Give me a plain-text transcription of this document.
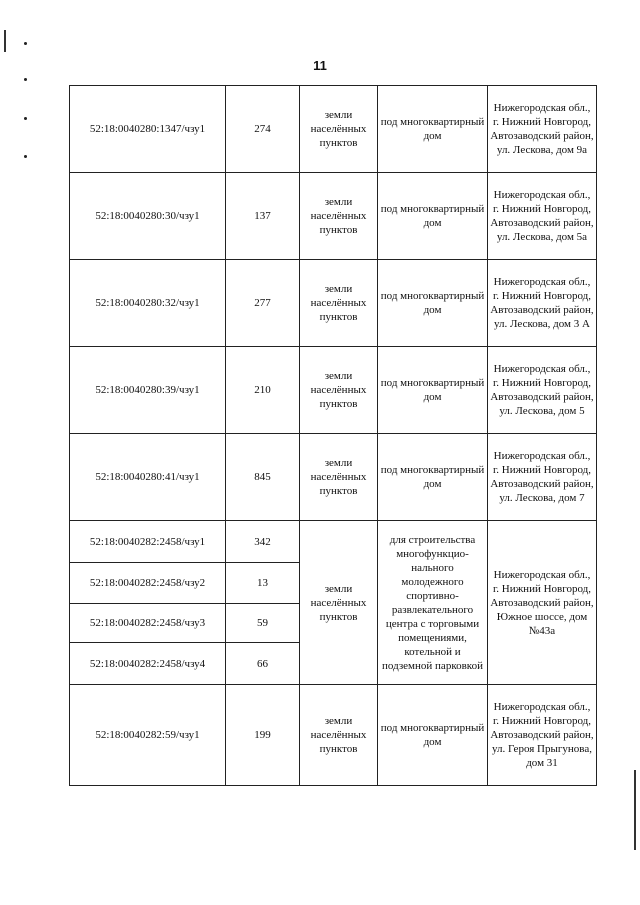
11
52:18:0040280:1347/чзу1	274	земли населённых пунктов	под многоквартирный дом	Нижегородская обл., г. Нижний Новгород, Автозаводский район, ул. Лескова, дом 9а
52:18:0040280:30/чзу1	137	земли населённых пунктов	под многоквартирный дом	Нижегородская обл., г. Нижний Новгород, Автозаводский район, ул. Лескова, дом 5а
52:18:0040280:32/чзу1	277	земли населённых пунктов	под многоквартирный дом	Нижегородская обл., г. Нижний Новгород, Автозаводский район, ул. Лескова, дом 3 А
52:18:0040280:39/чзу1	210	земли населённых пунктов	под многоквартирный дом	Нижегородская обл., г. Нижний Новгород, Автозаводский район, ул. Лескова, дом 5
52:18:0040280:41/чзу1	845	земли населённых пунктов	под многоквартирный дом	Нижегородская обл., г. Нижний Новгород, Автозаводский район, ул. Лескова, дом 7
52:18:0040282:2458/чзу1	342	земли населённых пунктов	для строительства многофункцио-нального молодежного спортивно-развлекательного центра с торговыми помещениями, котельной и подземной парковкой	Нижегородская обл., г. Нижний Новгород, Автозаводский район, Южное шоссе, дом №43а
52:18:0040282:2458/чзу2	13			
52:18:0040282:2458/чзу3	59			
52:18:0040282:2458/чзу4	66			
52:18:0040282:59/чзу1	199	земли населённых пунктов	под многоквартирный дом	Нижегородская обл., г. Нижний Новгород, Автозаводский район, ул. Героя Прыгунова, дом 31
